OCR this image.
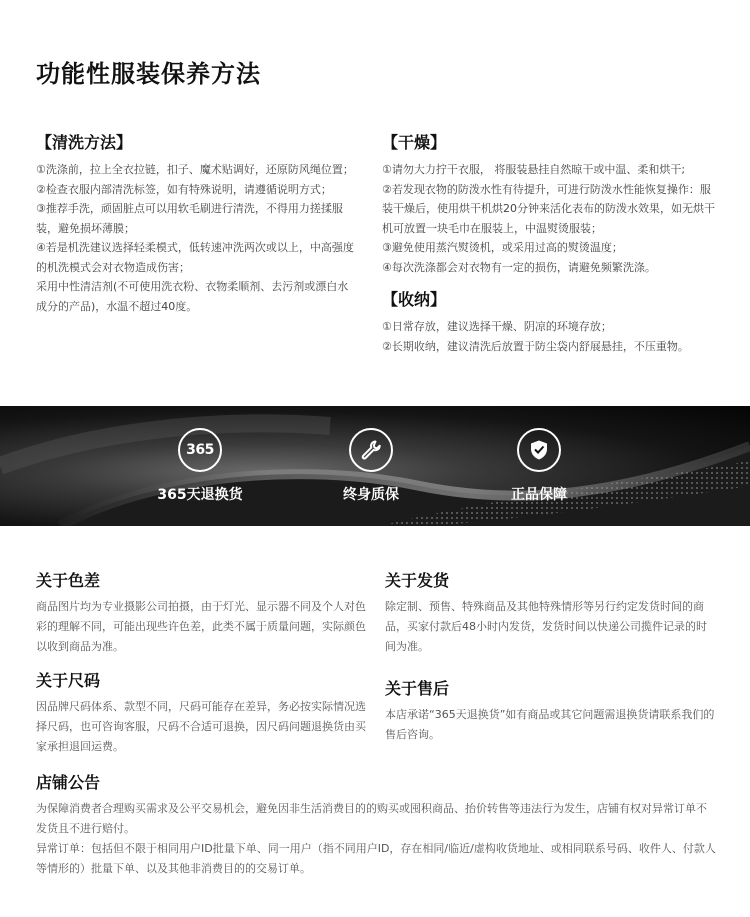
功能性服装保养方法
【清洗方法】

①洗涤前，拉上全衣拉链，扣子、魔术贴调好，还原防风绳位置；

②检查衣服内部清洗标签，如有特殊说明，请遵循说明方式；

③推荐手洗，顽固脏点可以用软毛刷进行清洗，不得用力搓揉服装，避免损坏薄膜；

④若是机洗建议选择轻柔模式，低转速冲洗两次或以上，中高强度的机洗模式会对衣物造成伤害；

采用中性清洁剂(不可使用洗衣粉、衣物柔顺剂、去污剂或漂白水成分的产品)，水温不超过40度。

【干燥】

①请勿大力拧干衣服， 将服装悬挂自然晾干或中温、柔和烘干;

②若发现衣物的防泼水性有待提升，可进行防泼水性能恢复操作：服装干燥后，使用烘干机烘20分钟来活化表布的防泼水效果，如无烘干机可放置一块毛巾在服装上，中温熨烫服装；

③避免使用蒸汽熨烫机，或采用过高的熨烫温度；

④每次洗涤都会对衣物有一定的损伤，请避免频繁洗涤。

【收纳】

①日常存放，建议选择干燥、阴凉的环境存放；

②长期收纳，建议清洗后放置于防尘袋内舒展悬挂，不压重物。

365
365天退换货	终身质保	正品保障
关于色差
商品图片均为专业摄影公司拍摄，由于灯光、显示器不同及个人对色彩的理解不同，可能出现些许色差，此类不属于质量问题，实际颜色以收到商品为准。
关于发货
除定制、预售、特殊商品及其他特殊情形等另行约定发货时间的商品，买家付款后48小时内发货，发货时间以快递公司揽件记录的时间为准。
关于尺码
因品牌尺码体系、款型不同，尺码可能存在差异，务必按实际情况选择尺码，也可咨询客服，尺码不合适可退换，因尺码问题退换货由买家承担退回运费。
关于售后
本店承诺“365天退换货”如有商品或其它问题需退换货请联系我们的售后咨询。
店铺公告
为保障消费者合理购买需求及公平交易机会，避免因非生活消费目的的购买或囤积商品、抬价转售等违法行为发生，店铺有权对异常订单不发货且不进行赔付。
异常订单：包括但不限于相同用户ID批量下单、同一用户（指不同用户ID，存在相同/临近/虚构收货地址、或相同联系号码、收件人、付款人等情形的）批量下单、以及其他非消费目的的交易订单。
